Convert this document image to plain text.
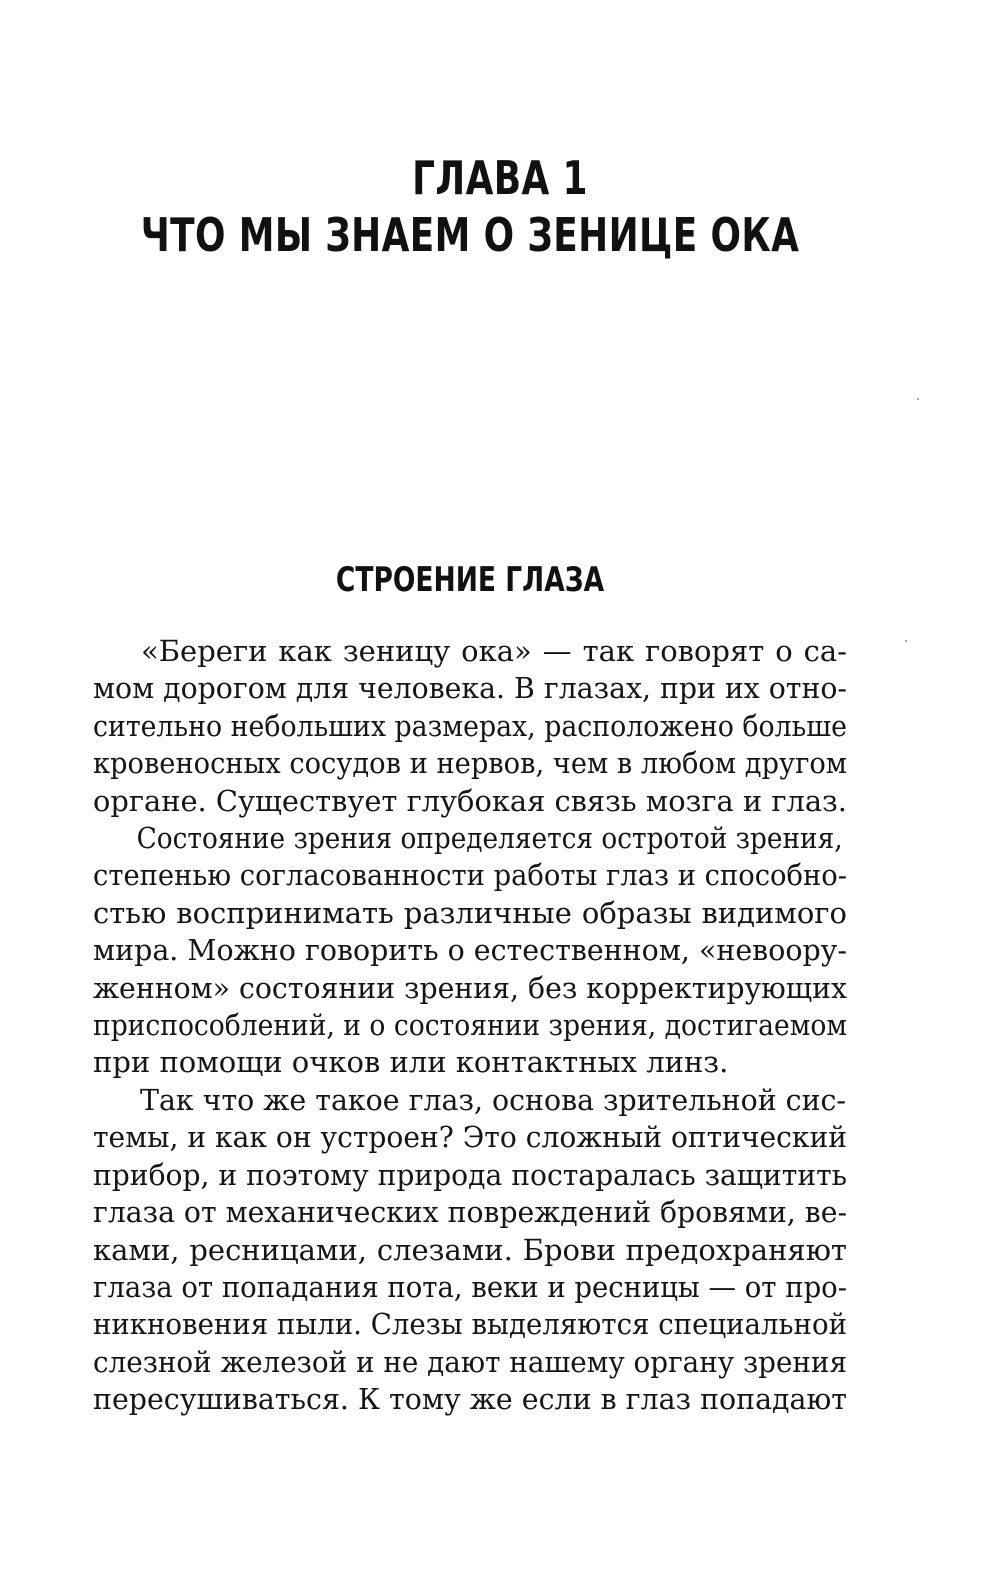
ГЛАВА 1
ЧТО МЫ ЗНАЕМ О ЗЕНИЦЕ ОКА
СТРОЕНИЕ ГЛАЗА
«Береги как зеницу ока» — так говорят о са-
мом дорогом для человека. В глазах, при их отно-
сительно небольших размерах, расположено больше
кровеносных сосудов и нервов, чем в любом другом
органе. Существует глубокая связь мозга и глаз.
Состояние зрения определяется остротой зрения,
степенью согласованности работы глаз и способно-
стью воспринимать различные образы видимого
мира. Можно говорить о естественном, «невоору-
женном» состоянии зрения, без корректирующих
приспособлений, и о состоянии зрения, достигаемом
при помощи очков или контактных линз.
Так что же такое глаз, основа зрительной сис-
темы, и как он устроен? Это сложный оптический
прибор, и поэтому природа постаралась защитить
глаза от механических повреждений бровями, ве-
ками, ресницами, слезами. Брови предохраняют
глаза от попадания пота, веки и ресницы — от про-
никновения пыли. Слезы выделяются специальной
слезной железой и не дают нашему органу зрения
пересушиваться. К тому же если в глаз попадают
